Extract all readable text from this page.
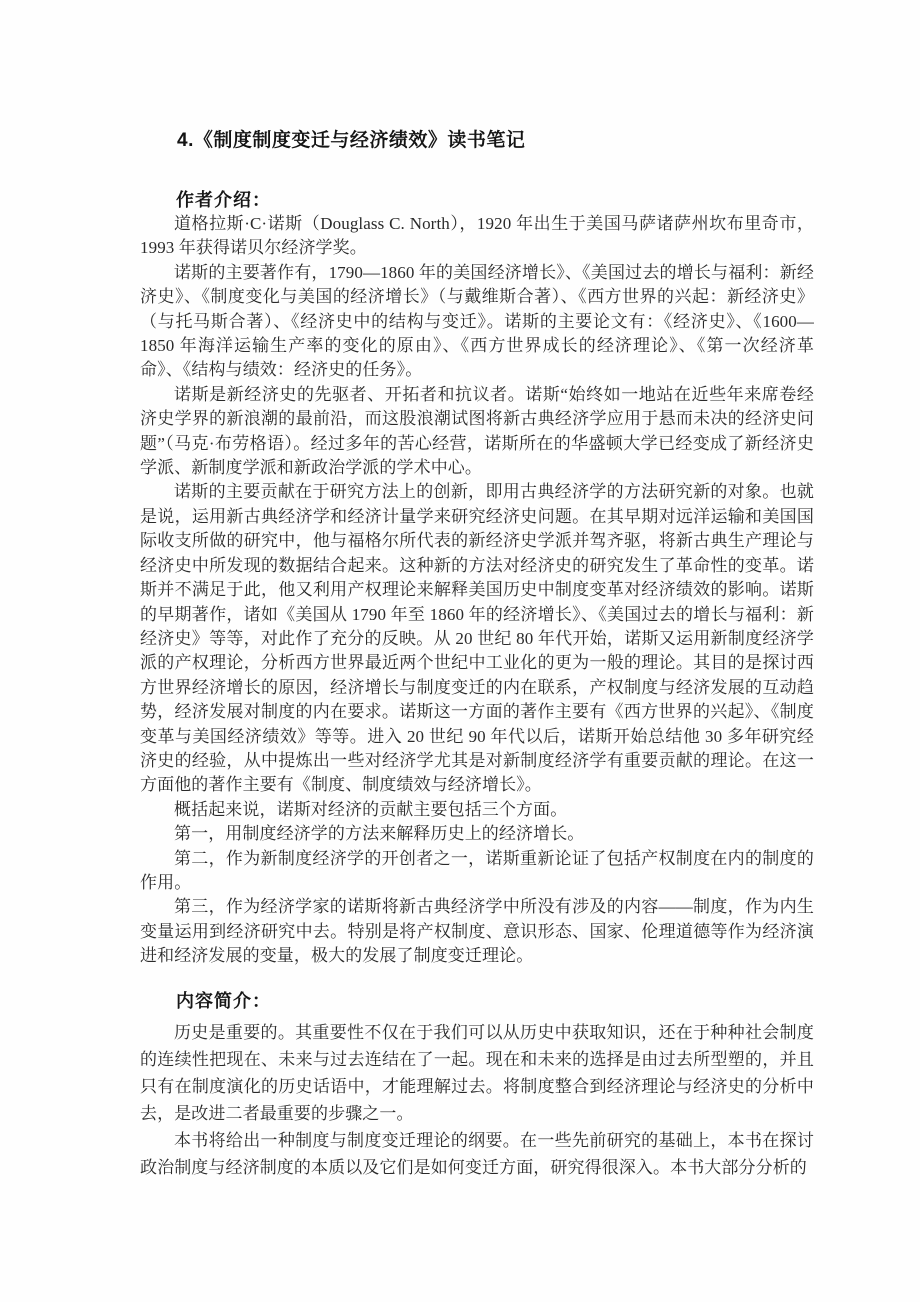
4.《制度制度变迁与经济绩效》读书笔记
作者介绍：

道格拉斯·C·诺斯（Douglass C. North），1920 年出生于美国马萨诸萨州坎布里奇市，1993 年获得诺贝尔经济学奖。

诺斯的主要著作有，1790—1860 年的美国经济增长》、《美国过去的增长与福利：新经济史》、《制度变化与美国的经济增长》（与戴维斯合著）、《西方世界的兴起：新经济史》（与托马斯合著）、《经济史中的结构与变迁》。诺斯的主要论文有：《经济史》、《1600—1850 年海洋运输生产率的变化的原由》、《西方世界成长的经济理论》、《第一次经济革命》、《结构与绩效：经济史的任务》。

诺斯是新经济史的先驱者、开拓者和抗议者。诺斯“始终如一地站在近些年来席卷经济史学界的新浪潮的最前沿，而这股浪潮试图将新古典经济学应用于悬而未决的经济史问题”（马克·布劳格语）。经过多年的苦心经营，诺斯所在的华盛顿大学已经变成了新经济史学派、新制度学派和新政治学派的学术中心。

诺斯的主要贡献在于研究方法上的创新，即用古典经济学的方法研究新的对象。也就是说，运用新古典经济学和经济计量学来研究经济史问题。在其早期对远洋运输和美国国际收支所做的研究中，他与福格尔所代表的新经济史学派并驾齐驱，将新古典生产理论与经济史中所发现的数据结合起来。这种新的方法对经济史的研究发生了革命性的变革。诺斯并不满足于此，他又利用产权理论来解释美国历史中制度变革对经济绩效的影响。诺斯的早期著作，诸如《美国从 1790 年至 1860 年的经济增长》、《美国过去的增长与福利：新经济史》等等，对此作了充分的反映。从 20 世纪 80 年代开始，诺斯又运用新制度经济学派的产权理论，分析西方世界最近两个世纪中工业化的更为一般的理论。其目的是探讨西方世界经济增长的原因，经济增长与制度变迁的内在联系，产权制度与经济发展的互动趋势，经济发展对制度的内在要求。诺斯这一方面的著作主要有《西方世界的兴起》、《制度变革与美国经济绩效》等等。进入 20 世纪 90 年代以后，诺斯开始总结他 30 多年研究经济史的经验，从中提炼出一些对经济学尤其是对新制度经济学有重要贡献的理论。在这一方面他的著作主要有《制度、制度绩效与经济增长》。

概括起来说，诺斯对经济的贡献主要包括三个方面。

第一，用制度经济学的方法来解释历史上的经济增长。

第二，作为新制度经济学的开创者之一，诺斯重新论证了包括产权制度在内的制度的作用。

第三，作为经济学家的诺斯将新古典经济学中所没有涉及的内容——制度，作为内生变量运用到经济研究中去。特别是将产权制度、意识形态、国家、伦理道德等作为经济演进和经济发展的变量，极大的发展了制度变迁理论。

内容简介：

历史是重要的。其重要性不仅在于我们可以从历史中获取知识，还在于种种社会制度的连续性把现在、未来与过去连结在了一起。现在和未来的选择是由过去所型塑的，并且只有在制度演化的历史话语中，才能理解过去。将制度整合到经济理论与经济史的分析中去，是改进二者最重要的步骤之一。

本书将给出一种制度与制度变迁理论的纲要。在一些先前研究的基础上，本书在探讨政治制度与经济制度的本质以及它们是如何变迁方面，研究得很深入。本书大部分分析的
